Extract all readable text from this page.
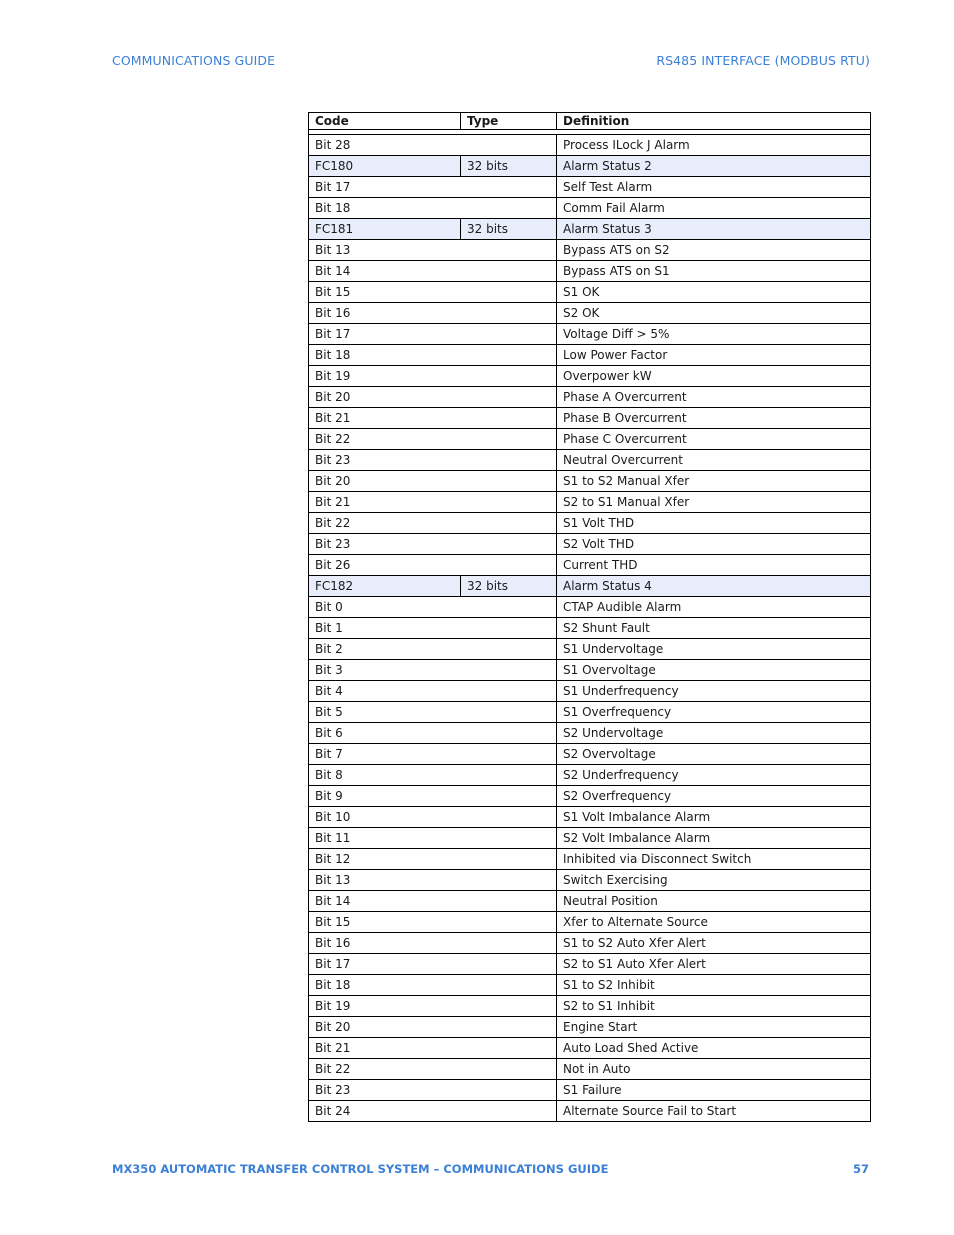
COMMUNICATIONS GUIDE	RS485 INTERFACE (MODBUS RTU)
Code	Type	Definition

Bit 28		Process ILock J Alarm
FC180	32 bits	Alarm Status 2
Bit 17		Self Test Alarm
Bit 18		Comm Fail Alarm
FC181	32 bits	Alarm Status 3
Bit 13		Bypass ATS on S2
Bit 14		Bypass ATS on S1
Bit 15		S1 OK
Bit 16		S2 OK
Bit 17		Voltage Diff > 5%
Bit 18		Low Power Factor
Bit 19		Overpower kW
Bit 20		Phase A Overcurrent
Bit 21		Phase B Overcurrent
Bit 22		Phase C Overcurrent
Bit 23		Neutral Overcurrent
Bit 20		S1 to S2 Manual Xfer
Bit 21		S2 to S1 Manual Xfer
Bit 22		S1 Volt THD
Bit 23		S2 Volt THD
Bit 26		Current THD
FC182	32 bits	Alarm Status 4
Bit 0		CTAP Audible Alarm
Bit 1		S2 Shunt Fault
Bit 2		S1 Undervoltage
Bit 3		S1 Overvoltage
Bit 4		S1 Underfrequency
Bit 5		S1 Overfrequency
Bit 6		S2 Undervoltage
Bit 7		S2 Overvoltage
Bit 8		S2 Underfrequency
Bit 9		S2 Overfrequency
Bit 10		S1 Volt Imbalance Alarm
Bit 11		S2 Volt Imbalance Alarm
Bit 12		Inhibited via Disconnect Switch
Bit 13		Switch Exercising
Bit 14		Neutral Position
Bit 15		Xfer to Alternate Source
Bit 16		S1 to S2 Auto Xfer Alert
Bit 17		S2 to S1 Auto Xfer Alert
Bit 18		S1 to S2 Inhibit
Bit 19		S2 to S1 Inhibit
Bit 20		Engine Start
Bit 21		Auto Load Shed Active
Bit 22		Not in Auto
Bit 23		S1 Failure
Bit 24		Alternate Source Fail to Start
MX350 AUTOMATIC TRANSFER CONTROL SYSTEM – COMMUNICATIONS GUIDE	57
